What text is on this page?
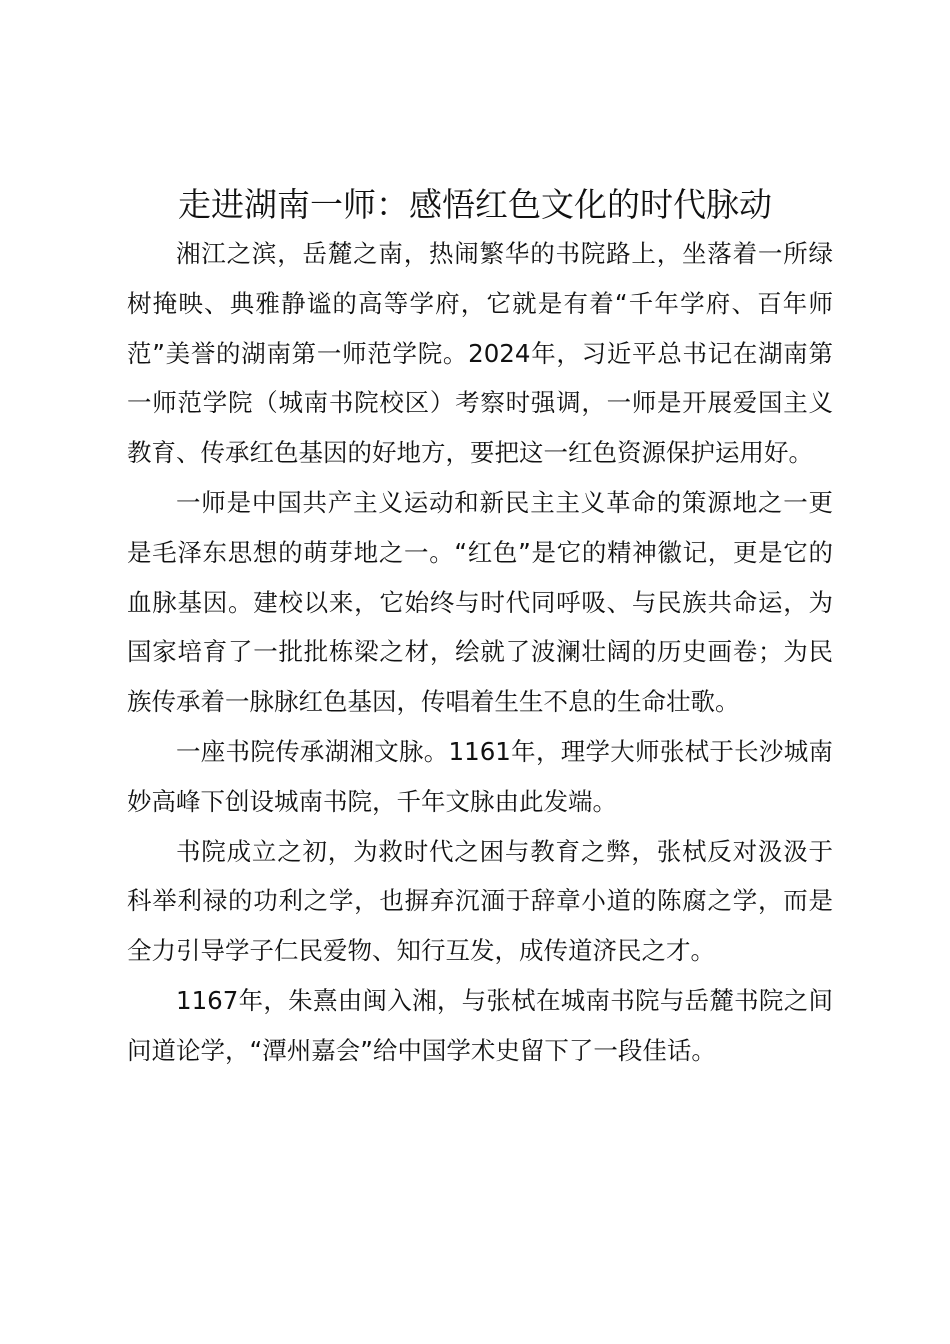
走进湖南一师：感悟红色文化的时代脉动

湘江之滨，岳麓之南，热闹繁华的书院路上，坐落着一所绿树掩映、典雅静谧的高等学府，它就是有着“千年学府、百年师范”美誉的湖南第一师范学院。2024年，习近平总书记在湖南第一师范学院（城南书院校区）考察时强调，一师是开展爱国主义教育、传承红色基因的好地方，要把这一红色资源保护运用好。

一师是中国共产主义运动和新民主主义革命的策源地之一更是毛泽东思想的萌芽地之一。“红色”是它的精神徽记，更是它的血脉基因。建校以来，它始终与时代同呼吸、与民族共命运，为国家培育了一批批栋梁之材，绘就了波澜壮阔的历史画卷；为民族传承着一脉脉红色基因，传唱着生生不息的生命壮歌。

一座书院传承湖湘文脉。1161年，理学大师张栻于长沙城南妙高峰下创设城南书院，千年文脉由此发端。

书院成立之初，为救时代之困与教育之弊，张栻反对汲汲于科举利禄的功利之学，也摒弃沉湎于辞章小道的陈腐之学，而是全力引导学子仁民爱物、知行互发，成传道济民之才。

1167年，朱熹由闽入湘，与张栻在城南书院与岳麓书院之间问道论学，“潭州嘉会”给中国学术史留下了一段佳话。
